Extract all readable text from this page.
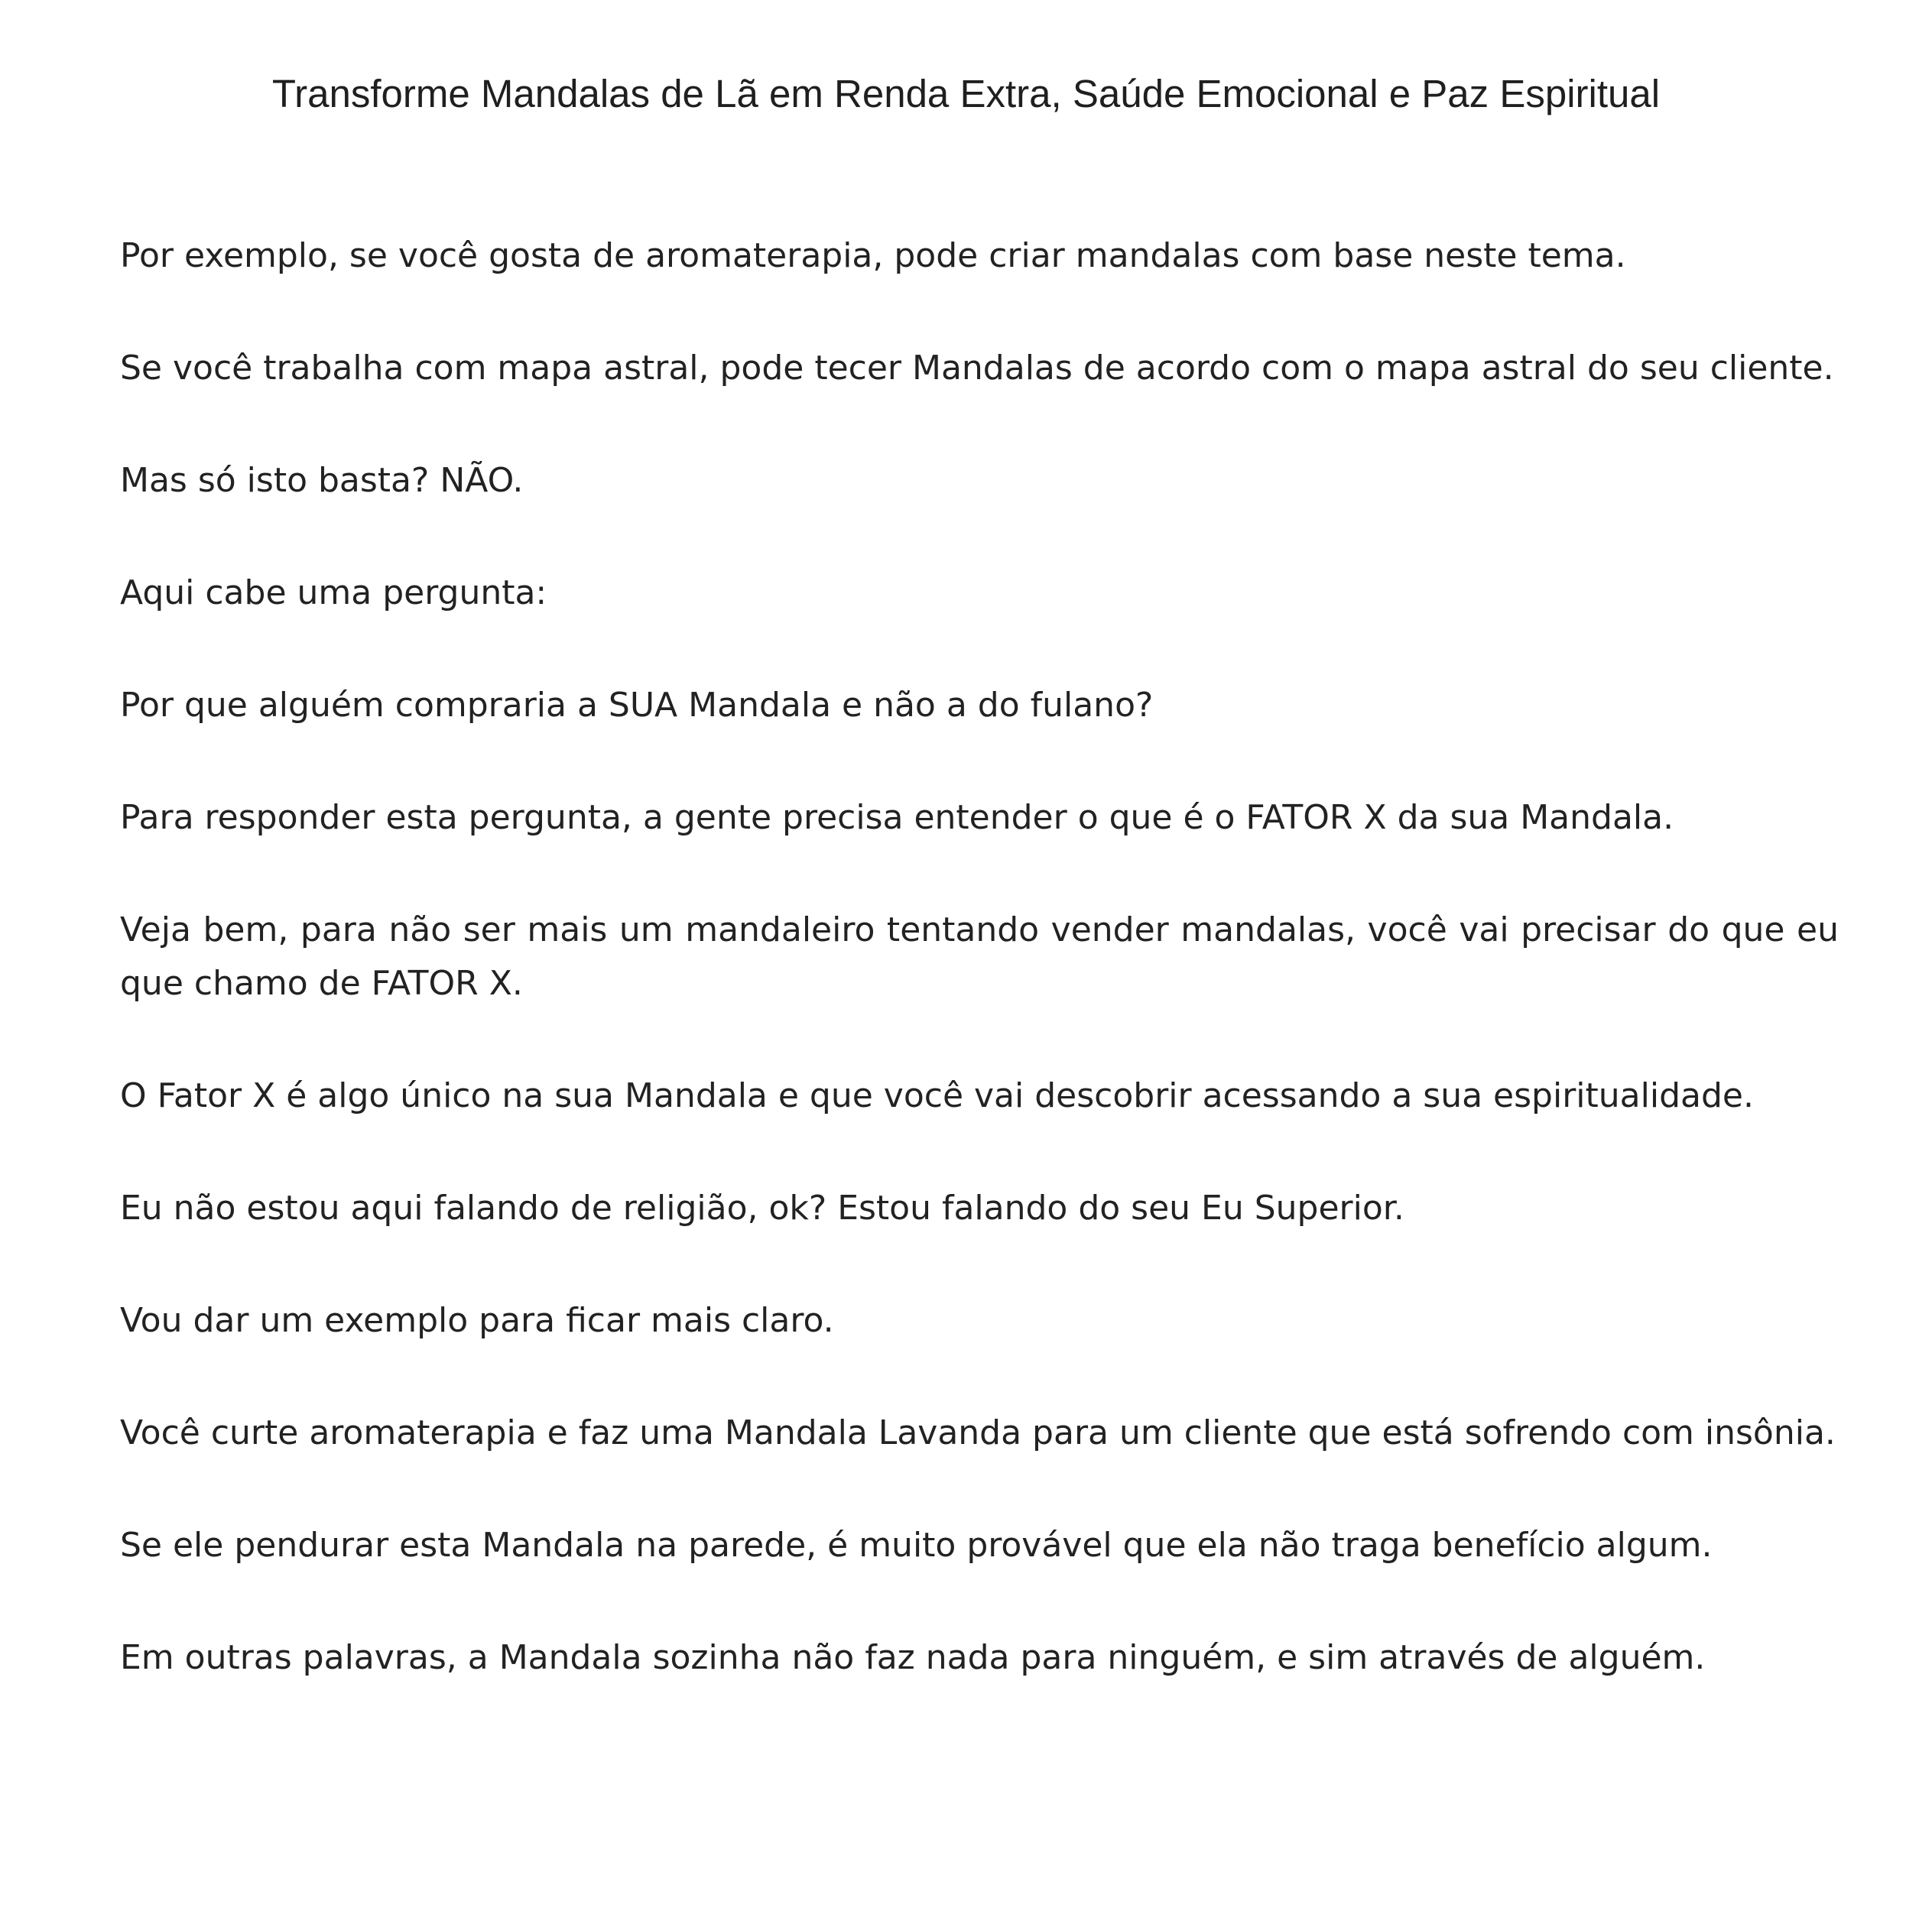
Transforme Mandalas de Lã em Renda Extra, Saúde Emocional e Paz Espiritual

Por exemplo, se você gosta de aromaterapia, pode criar mandalas com base neste tema.

Se você trabalha com mapa astral, pode tecer Mandalas de acordo com o mapa astral do seu cliente.

Mas só isto basta? NÃO.

Aqui cabe uma pergunta:

Por que alguém compraria a SUA Mandala e não a do fulano?

Para responder esta pergunta, a gente precisa entender o que é o FATOR X da sua Mandala.

Veja bem, para não ser mais um mandaleiro tentando vender mandalas, você vai precisar do que eu que chamo de FATOR X.

O Fator X é algo único na sua Mandala e que você vai descobrir acessando a sua espiritualidade.

Eu não estou aqui falando de religião, ok? Estou falando do seu Eu Superior.

Vou dar um exemplo para ficar mais claro.

Você curte aromaterapia e faz uma Mandala Lavanda para um cliente que está sofrendo com insônia.

Se ele pendurar esta Mandala na parede, é muito provável que ela não traga benefício algum.

Em outras palavras, a Mandala sozinha não faz nada para ninguém, e sim através de alguém.
